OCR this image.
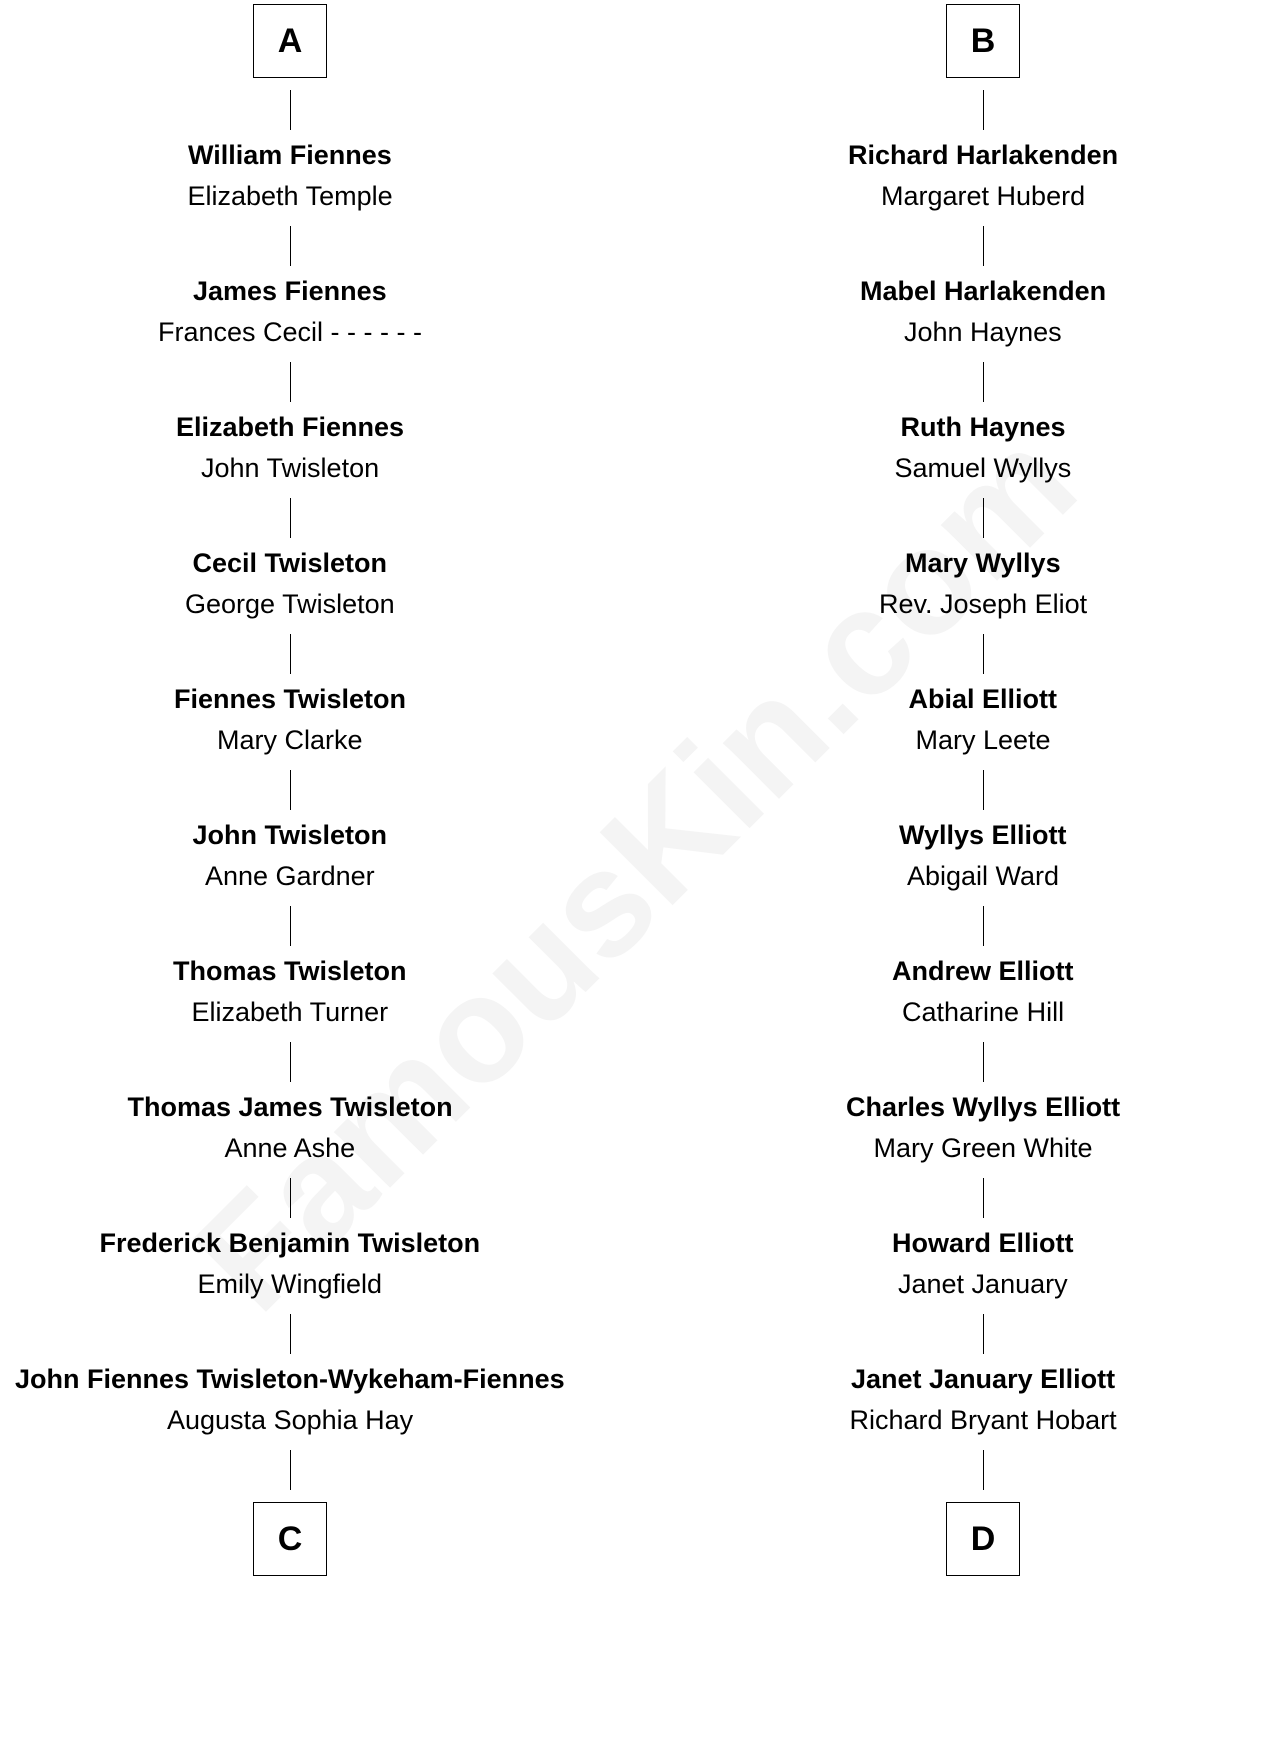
A
William Fiennes
Elizabeth Temple
James Fiennes
Frances Cecil - - - - - -
Elizabeth Fiennes
John Twisleton
Cecil Twisleton
George Twisleton
Fiennes Twisleton
Mary Clarke
John Twisleton
Anne Gardner
Thomas Twisleton
Elizabeth Turner
Thomas James Twisleton
Anne Ashe
Frederick Benjamin Twisleton
Emily Wingfield
John Fiennes Twisleton-Wykeham-Fiennes
Augusta Sophia Hay
C
B
Richard Harlakenden
Margaret Huberd
Mabel Harlakenden
John Haynes
Ruth Haynes
Samuel Wyllys
Mary Wyllys
Rev. Joseph Eliot
Abial Elliott
Mary Leete
Wyllys Elliott
Abigail Ward
Andrew Elliott
Catharine Hill
Charles Wyllys Elliott
Mary Green White
Howard Elliott
Janet January
Janet January Elliott
Richard Bryant Hobart
D
